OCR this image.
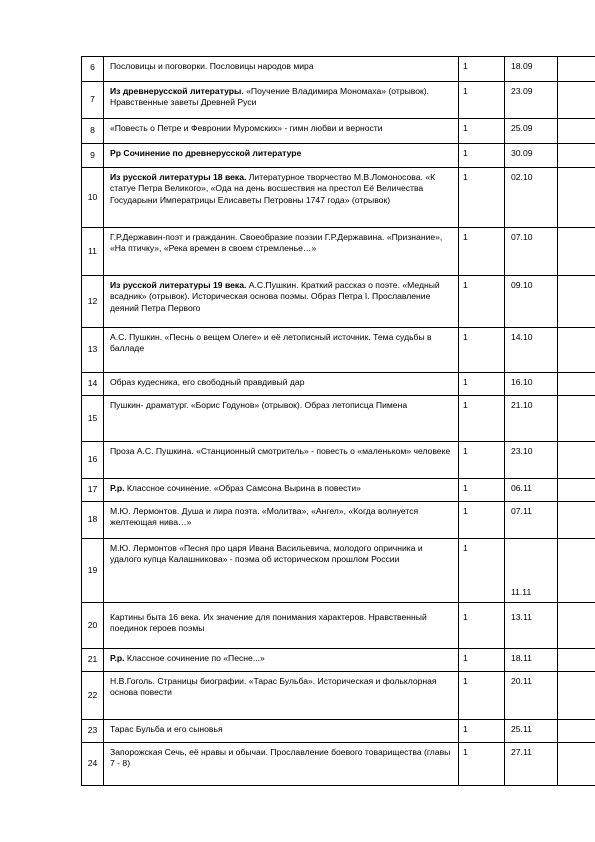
6	Пословицы и поговорки. Пословицы народов мира	1	18.09	
7	Из древнерусской литературы. «Поучение Владимира Мономаха» (отрывок). Нравственные заветы Древней Руси	1	23.09	
8	«Повесть о Петре и Февронии Муромских» - гимн любви и верности	1	25.09	
9	Рр Сочинение по древнерусской литературе	1	30.09	
10	Из русской литературы 18 века. Литературное творчество М.В.Ломоносова. «К статуе Петра Великого», «Ода на день восшествия на престол Её Величества Государыни Императрицы Елисаветы Петровны 1747 года» (отрывок)	1	02.10	
11	Г.Р.Державин-поэт и гражданин. Своеобразие поэзии Г.Р.Державина. «Признание», «На птичку», «Река времен в своем стремленье…»	1	07.10	
12	Из русской литературы 19 века. А.С.Пушкин. Краткий рассказ о поэте. «Медный всадник» (отрывок). Историческая основа поэмы. Образ Петра I. Прославление деяний Петра Первого	1	09.10	
13	А.С. Пушкин. «Песнь о вещем Олеге» и её летописный источник. Тема судьбы в балладе	1	14.10	
14	Образ кудесника, его свободный правдивый дар	1	16.10	
15	Пушкин- драматург. «Борис Годунов» (отрывок). Образ летописца Пимена	1	21.10	
16	Проза А.С. Пушкина. «Станционный смотритель» - повесть о «маленьком» человеке	1	23.10	
17	Р.р. Классное сочинение. «Образ Самсона Вырина в повести»	1	06.11	
18	М.Ю. Лермонтов. Душа и лира поэта. «Молитва», «Ангел», «Когда волнуется желтеющая нива…»	1	07.11	
19	М.Ю. Лермонтов «Песня про царя Ивана Васильевича, молодого опричника и удалого купца Калашникова» - поэма об историческом прошлом России	1	11.11	
20	Картины быта 16 века. Их значение для понимания характеров. Нравственный поединок героев поэмы	1	13.11	
21	Р.р. Классное сочинение по «Песне...»	1	18.11	
22	Н.В.Гоголь. Страницы биографии. «Тарас Бульба». Историческая и фольклорная основа повести	1	20.11	
23	Тарас Бульба и его сыновья	1	25.11	
24	Запорожская Сечь, её нравы и обычаи. Прославление боевого товарищества (главы 7 - 8)	1	27.11	
